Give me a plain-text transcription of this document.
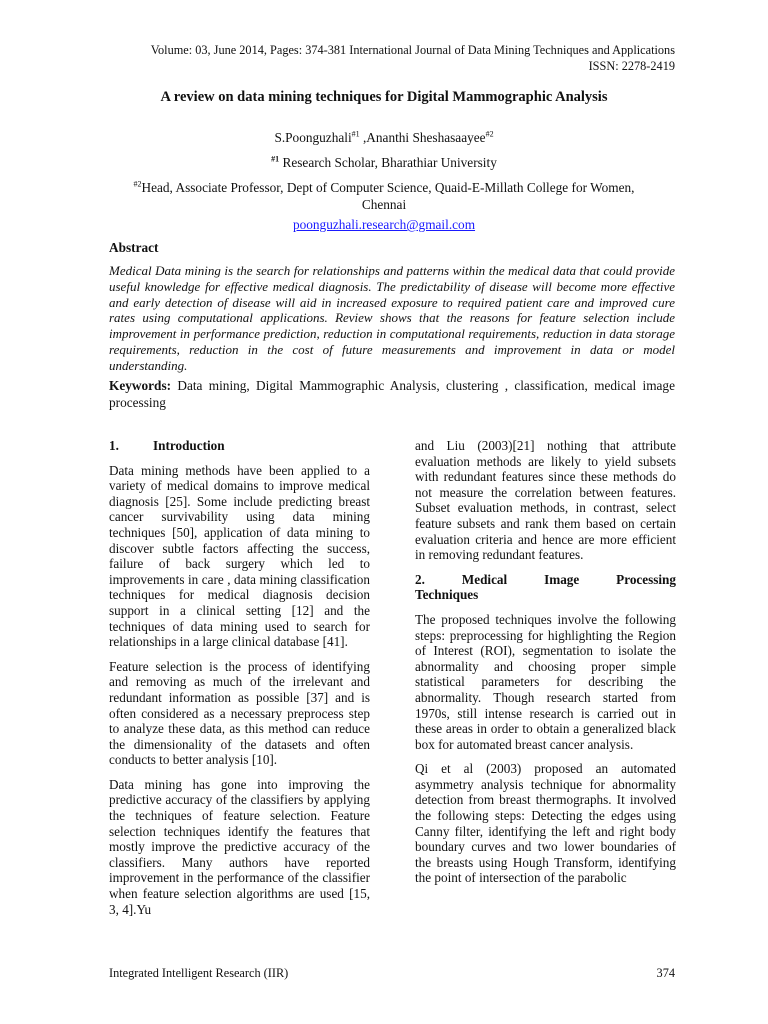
Volume: 03, June 2014, Pages: 374-381 International Journal of Data Mining Techniques and Applications
ISSN: 2278-2419
A review on data mining techniques for Digital Mammographic Analysis
S.Poonguzhali$^{\#1}$ ,Ananthi Sheshasaayee$^{\#2}$
$^{\#1}$ Research Scholar, Bharathiar University
$^{\#2}$Head, Associate Professor, Dept of Computer Science, Quaid-E-Millath College for Women,
Chennai
poonguzhali.research@gmail.com
Abstract
Medical Data mining is the search for relationships and patterns within the medical data that could provide useful knowledge for effective medical diagnosis. The predictability of disease will become more effective and early detection of disease will aid in increased exposure to required patient care and improved cure rates using computational applications. Review shows that the reasons for feature selection include improvement in performance prediction, reduction in computational requirements, reduction in data storage requirements, reduction in the cost of future measurements and improvement in data or model understanding.
Keywords: Data mining, Digital Mammographic Analysis, clustering , classification, medical image processing
1.	Introduction

Data mining methods have been applied to a variety of medical domains to improve medical diagnosis [25]. Some include predicting breast cancer survivability using data mining techniques [50], application of data mining to discover subtle factors affecting the success, failure of back surgery which led to improvements in care , data mining classification techniques for medical diagnosis decision support in a clinical setting [12] and the techniques of data mining used to search for relationships in a large clinical database [41].

Feature selection is the process of identifying and removing as much of the irrelevant and redundant information as possible [37] and is often considered as a necessary preprocess step to analyze these data, as this method can reduce the dimensionality of the datasets and often conducts to better analysis [10].

Data mining has gone into improving the predictive accuracy of the classifiers by applying the techniques of feature selection. Feature selection techniques identify the features that mostly improve the predictive accuracy of the classifiers. Many authors have reported improvement in the performance of the classifier when feature selection algorithms are used [15, 3, 4].Yu

and Liu (2003)[21] nothing that attribute evaluation methods are likely to yield subsets with redundant features since these methods do not measure the correlation between features. Subset evaluation methods, in contrast, select feature subsets and rank them based on certain evaluation criteria and hence are more efficient in removing redundant features.

2.	Medical	Image	Processing
Techniques

The proposed techniques involve the following steps: preprocessing for highlighting the Region of Interest (ROI), segmentation to isolate the abnormality and choosing proper simple statistical parameters for describing the abnormality. Though research started from 1970s, still intense research is carried out in these areas in order to obtain a generalized black box for automated breast cancer analysis.

Qi et al (2003) proposed an automated asymmetry analysis technique for abnormality detection from breast thermographs. It involved the following steps: Detecting the edges using Canny filter, identifying the left and right body boundary curves and two lower boundaries of the breasts using Hough Transform, identifying the point of intersection of the parabolic

Integrated Intelligent Research (IIR)	374
